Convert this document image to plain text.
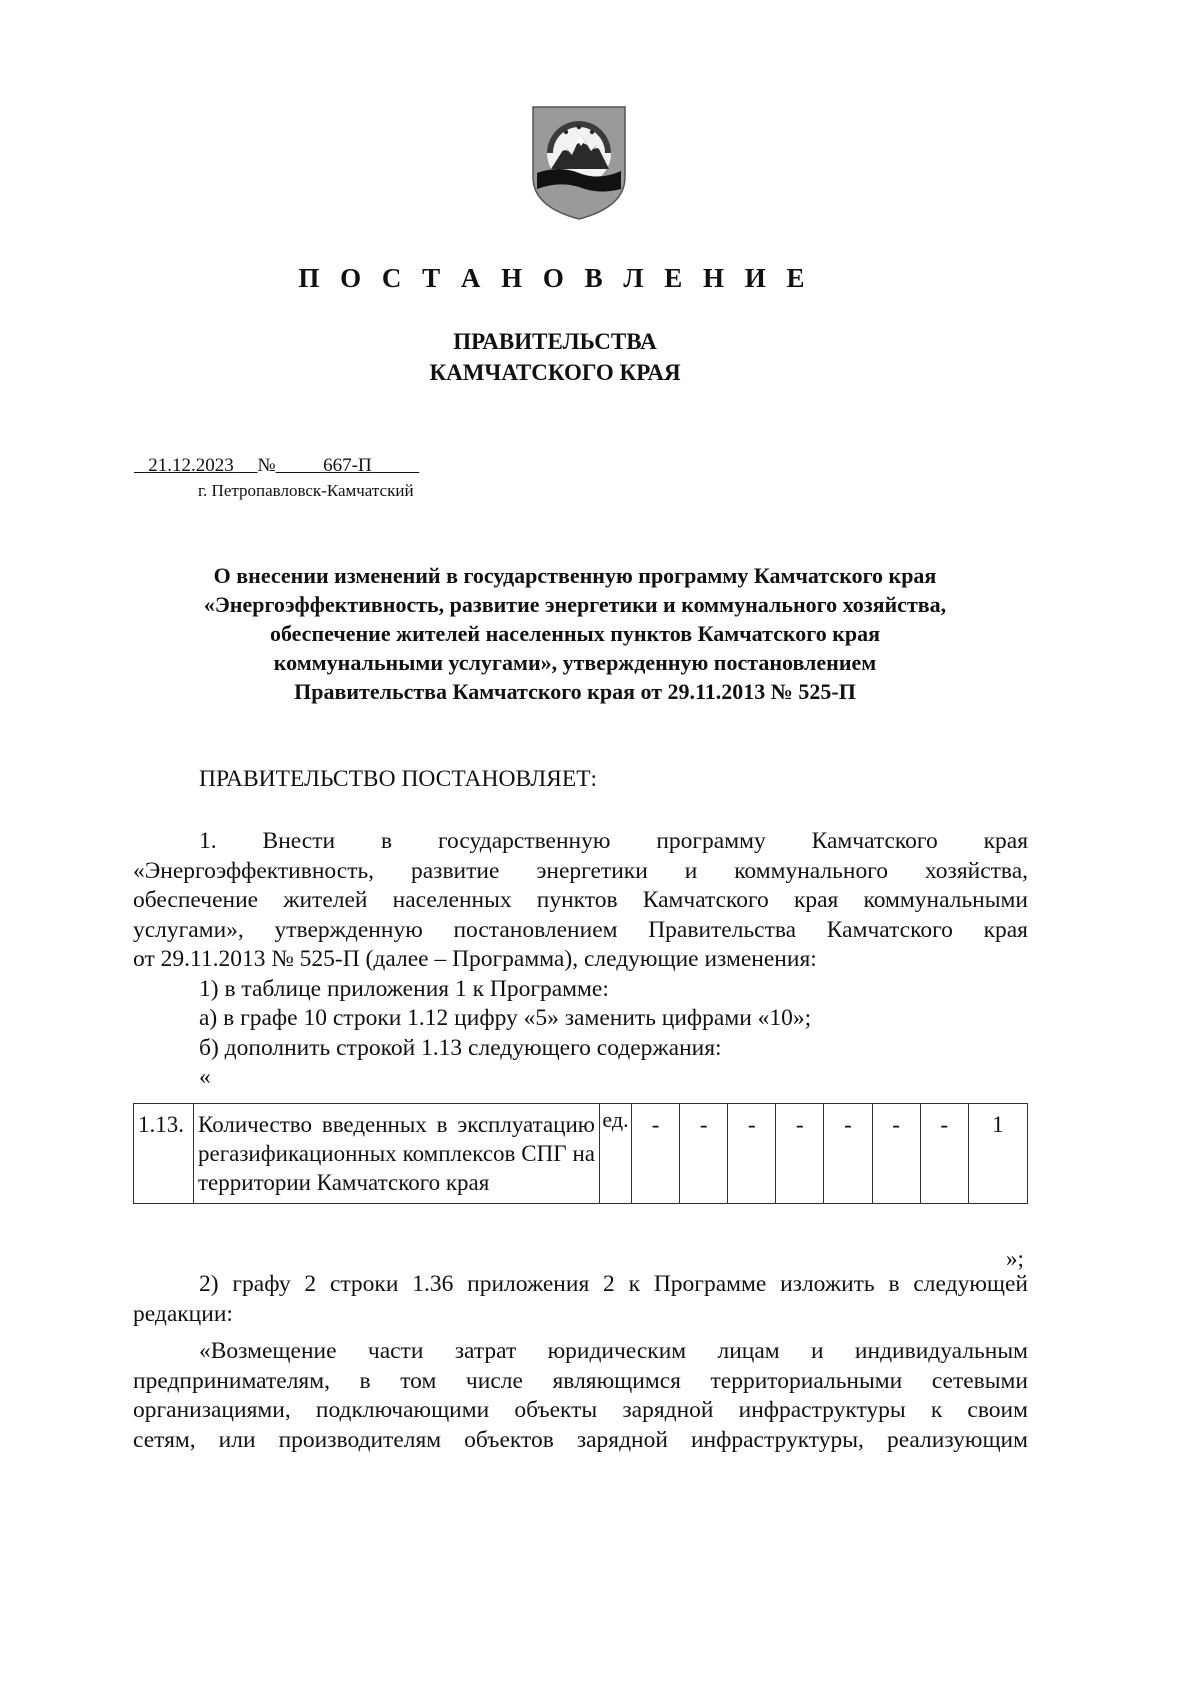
П О С Т А Н О В Л Е Н И Е
ПРАВИТЕЛЬСТВА
КАМЧАТСКОГО КРАЯ
21.12.2023 №	667-П
г. Петропавловск-Камчатский
О внесении изменений в государственную программу Камчатского края
«Энергоэффективность, развитие энергетики и коммунального хозяйства,
обеспечение жителей населенных пунктов Камчатского края
коммунальными услугами», утвержденную постановлением
Правительства Камчатского края от 29.11.2013 № 525-П
ПРАВИТЕЛЬСТВО ПОСТАНОВЛЯЕТ:
1. Внести в государственную программу Камчатского края
«Энергоэффективность, развитие энергетики и коммунального хозяйства,
обеспечение жителей населенных пунктов Камчатского края коммунальными
услугами», утвержденную постановлением Правительства Камчатского края
от 29.11.2013 № 525-П (далее – Программа), следующие изменения:
1) в таблице приложения 1 к Программе:
а) в графе 10 строки 1.12 цифру «5» заменить цифрами «10»;
б) дополнить строкой 1.13 следующего содержания:
«
1.13.	Количество введенных в эксплуатацию регазификационных комплексов СПГ на территории Камчатского края	ед.	-	-	-	-	-	-	-	1
»;
2) графу 2 строки 1.36 приложения 2 к Программе изложить в следующей
редакции:
«Возмещение части затрат юридическим лицам и индивидуальным
предпринимателям, в том числе являющимся территориальными сетевыми
организациями, подключающими объекты зарядной инфраструктуры к своим
сетям, или производителям объектов зарядной инфраструктуры, реализующим
